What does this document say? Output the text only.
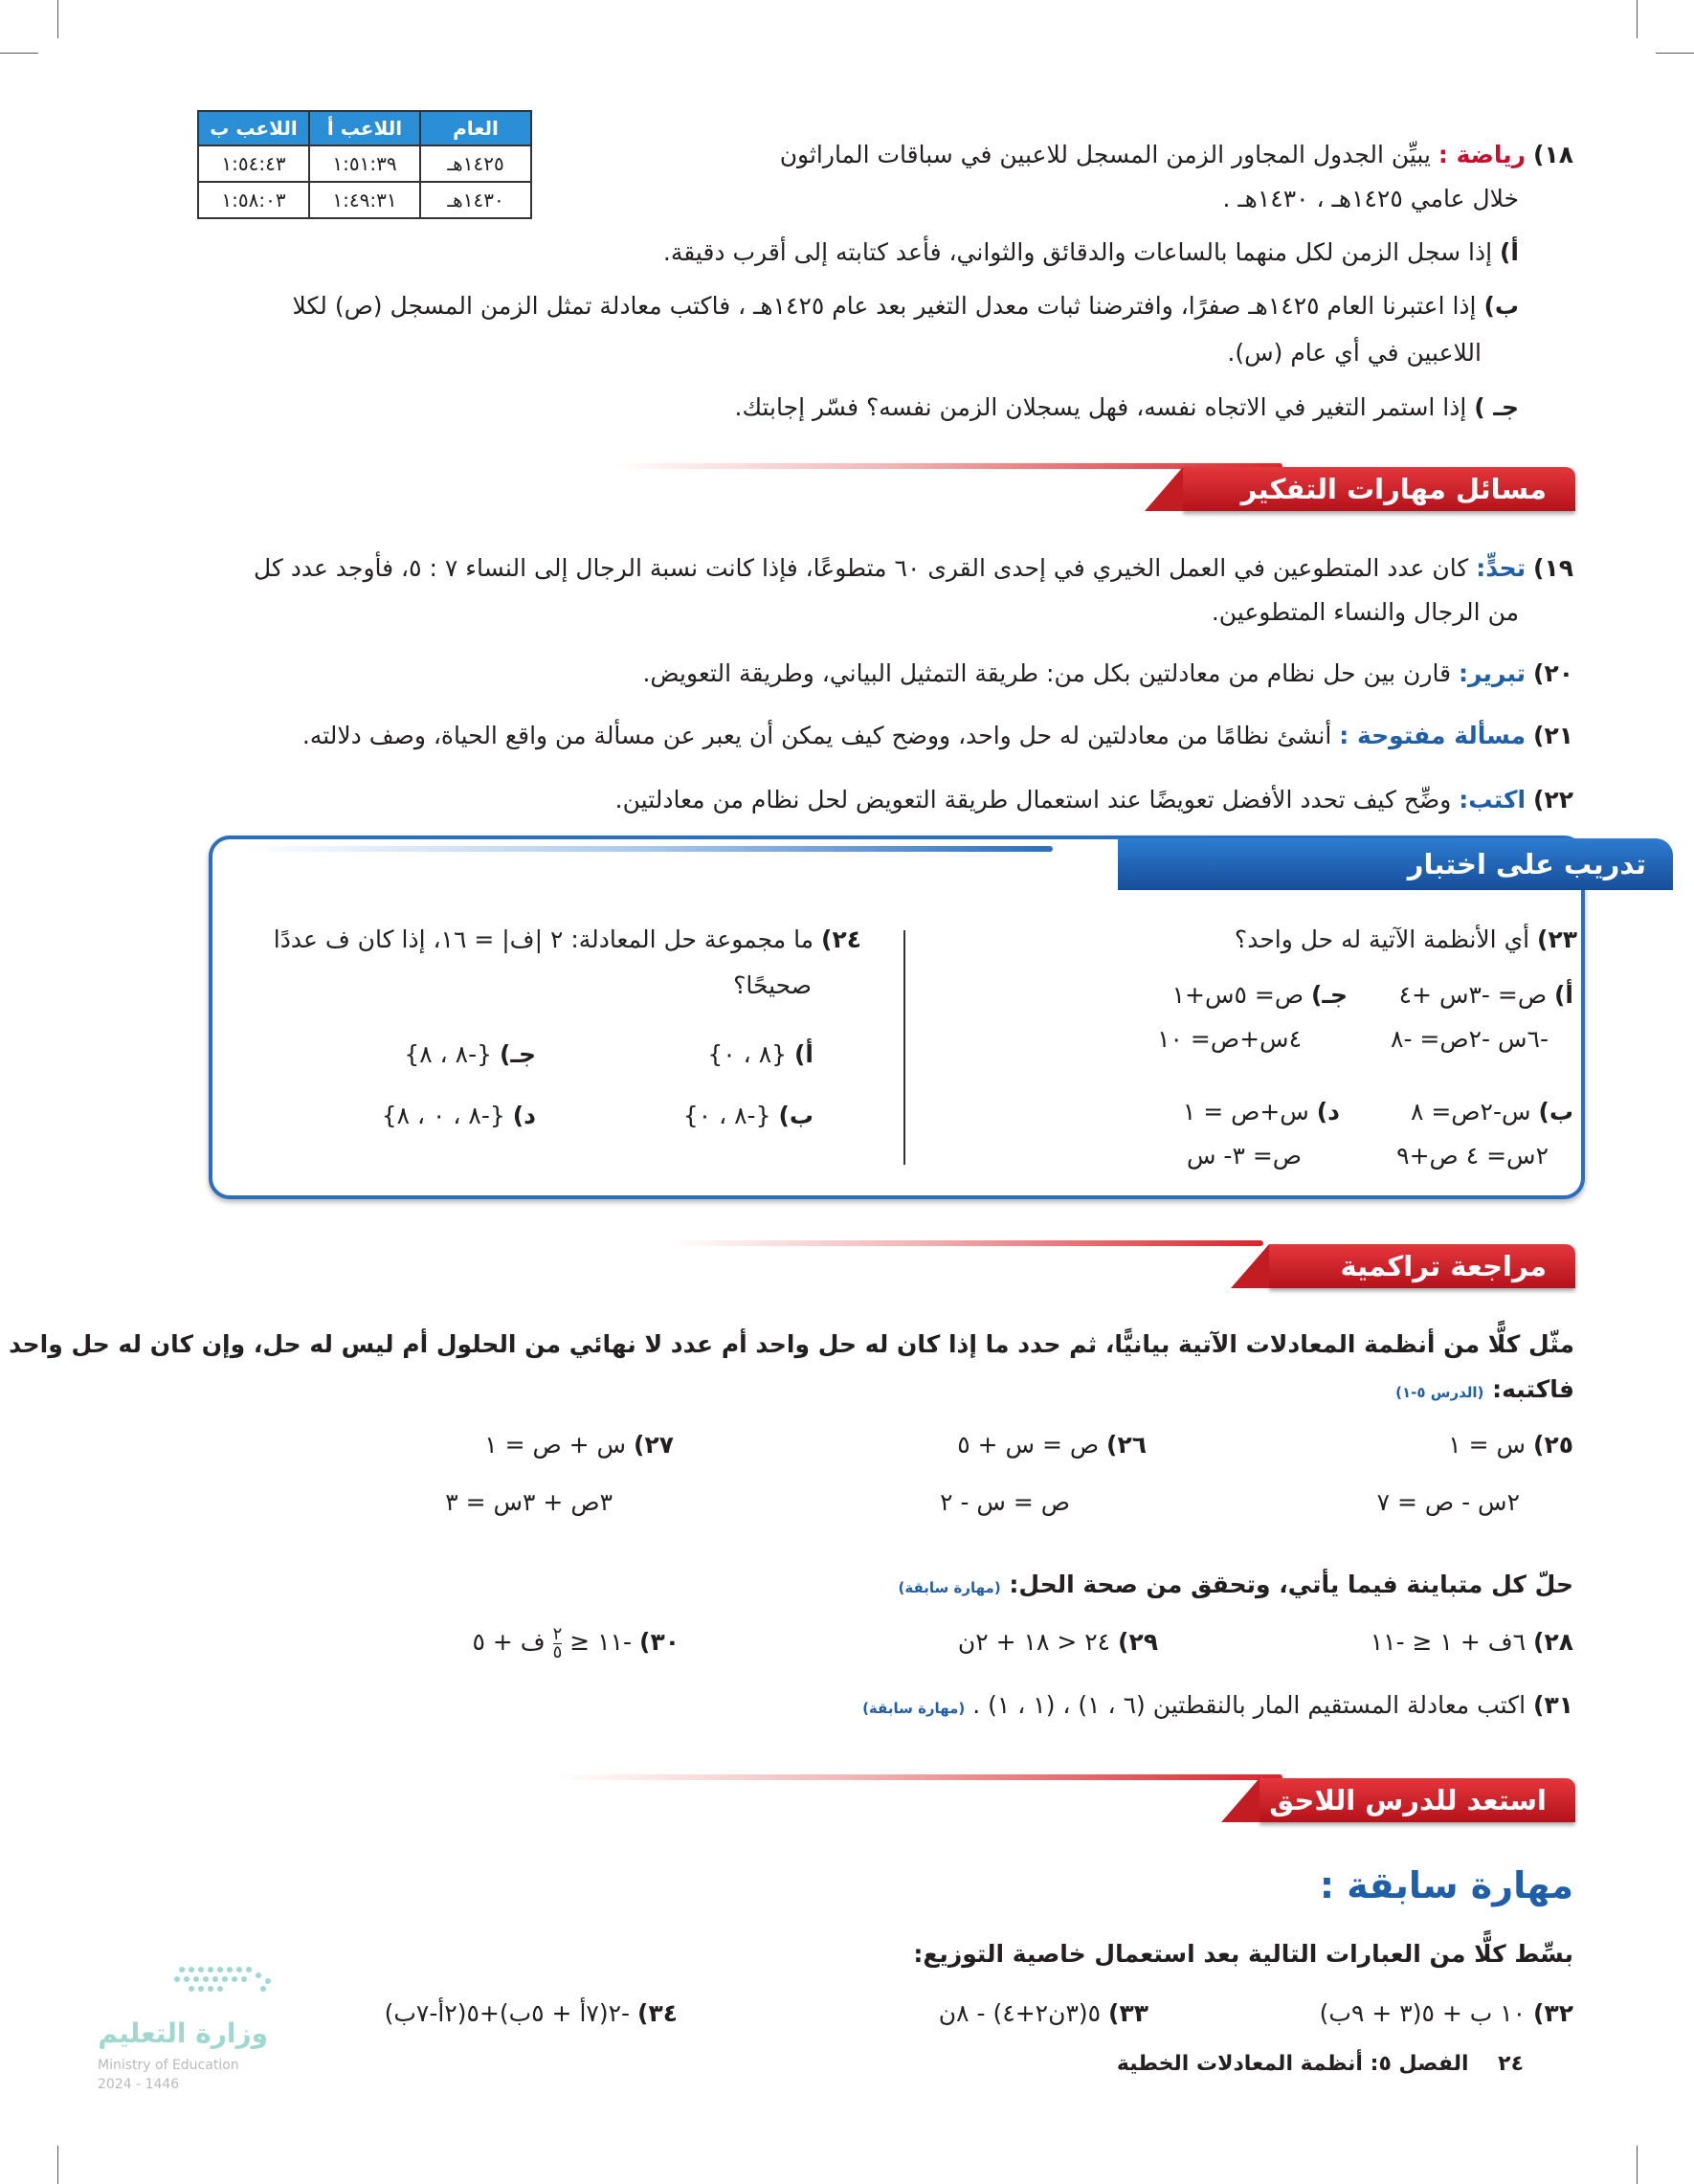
العام	اللاعب أ	اللاعب ب
١٤٢٥هـ	١:٥١:٣٩	١:٥٤:٤٣
١٤٣٠هـ	١:٤٩:٣١	١:٥٨:٠٣
١٨) رياضة : يبيِّن الجدول المجاور الزمن المسجل للاعبين في سباقات الماراثون
خلال عامي ١٤٢٥هـ ، ١٤٣٠هـ .
أ) إذا سجل الزمن لكل منهما بالساعات والدقائق والثواني، فأعد كتابته إلى أقرب دقيقة.
ب) إذا اعتبرنا العام ١٤٢٥هـ صفرًا، وافترضنا ثبات معدل التغير بعد عام ١٤٢٥هـ ، فاكتب معادلة تمثل الزمن المسجل (ص) لكلا
اللاعبين في أي عام (س).
جـ ) إذا استمر التغير في الاتجاه نفسه، فهل يسجلان الزمن نفسه؟ فسّر إجابتك.
مسائل مهارات التفكير العليا
١٩) تحدٍّ: كان عدد المتطوعين في العمل الخيري في إحدى القرى ٦٠ متطوعًا، فإذا كانت نسبة الرجال إلى النساء ٧ : ٥، فأوجد عدد كل
من الرجال والنساء المتطوعين.
٢٠) تبرير: قارن بين حل نظام من معادلتين بكل من: طريقة التمثيل البياني، وطريقة التعويض.
٢١) مسألة مفتوحة : أنشئ نظامًا من معادلتين له حل واحد، ووضح كيف يمكن أن يعبر عن مسألة من واقع الحياة، وصف دلالته.
٢٢) اكتب: وضِّح كيف تحدد الأفضل تعويضًا عند استعمال طريقة التعويض لحل نظام من معادلتين.
تدريب على اختبار
٢٣) أي الأنظمة الآتية له حل واحد؟
أ) ص= -٣س +٤
-٦س -٢ص= -٨
جـ) ص= ٥س+١
٤س+ص= ١٠
ب) س-٢ص= ٨
٢س= ٤ ص+٩
د) س+ص = ١
ص= ٣- س
٢٤) ما مجموعة حل المعادلة: ٢ |ف| = ١٦، إذا كان ف عددًا
صحيحًا؟
أ) {٨ ، ٠}
جـ) {-٨ ، ٨}
ب) {-٨ ، ٠}
د) {-٨ ، ٠ ، ٨}
مراجعة تراكمية
مثّل كلًّا من أنظمة المعادلات الآتية بيانيًّا، ثم حدد ما إذا كان له حل واحد أم عدد لا نهائي من الحلول أم ليس له حل، وإن كان له حل واحد
فاكتبه: (الدرس ٥-١)
٢٥) س = ١
٢س - ص = ٧
٢٦) ص = س + ٥
ص = س - ٢
٢٧) س + ص = ١
٣ص + ٣س = ٣
حلّ كل متباينة فيما يأتي، وتحقق من صحة الحل: (مهارة سابقة)
٢٨) ٦ف + ١ ≤ -١١
٢٩) ٢٤ < ١٨ + ٢ن
٣٠) -١١ ≤
٢
٥
ف + ٥
٣١) اكتب معادلة المستقيم المار بالنقطتين (٦ ، ١) ، (١ ، ١) . (مهارة سابقة)
استعد للدرس اللاحق
مهارة سابقة :
بسِّط كلًّا من العبارات التالية بعد استعمال خاصية التوزيع:
٣٢) ١٠ ب + ٥(٣ + ٩ب)
٣٣) ٥(٣ن٢+٤) - ٨ن
٣٤) -٢(٧أ + ٥ب)+٥(٢أ-٧ب)
٢٤    الفصل ٥: أنظمة المعادلات الخطية
وزارة التعليم
Ministry of Education
2024 - 1446
